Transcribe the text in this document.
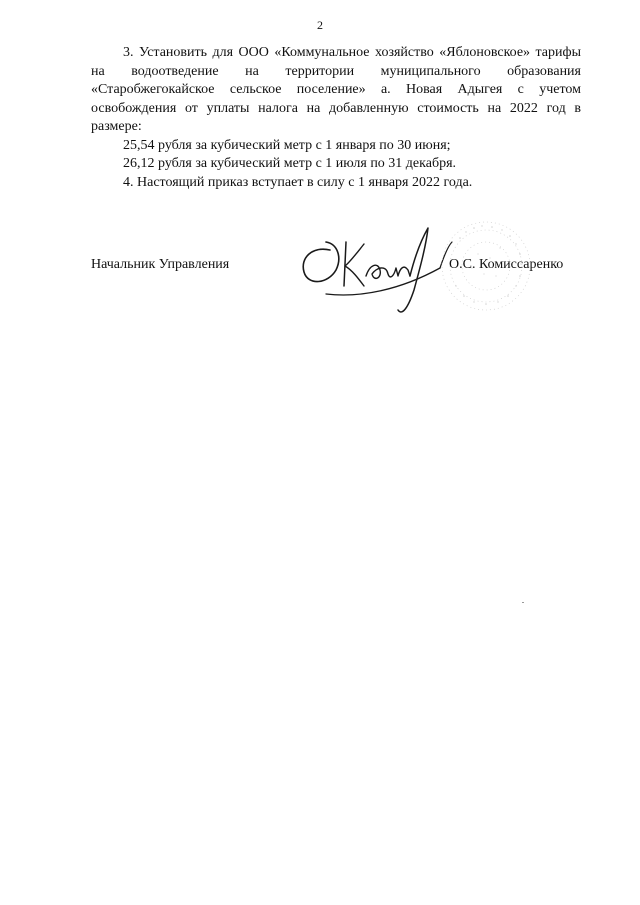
2

3. Установить для ООО «Коммунальное хозяйство «Яблоновское» тарифы на водоотведение на территории муниципального образования «Старобжегокайское сельское поселение» а. Новая Адыгея с учетом освобождения от уплаты налога на добавленную стоимость на 2022 год в размере:

25,54 рубля за кубический метр с 1 января по 30 июня;

26,12 рубля за кубический метр с 1 июля по 31 декабря.

4. Настоящий приказ вступает в силу с 1 января 2022 года.

Начальник Управления	О.С. Комиссаренко
